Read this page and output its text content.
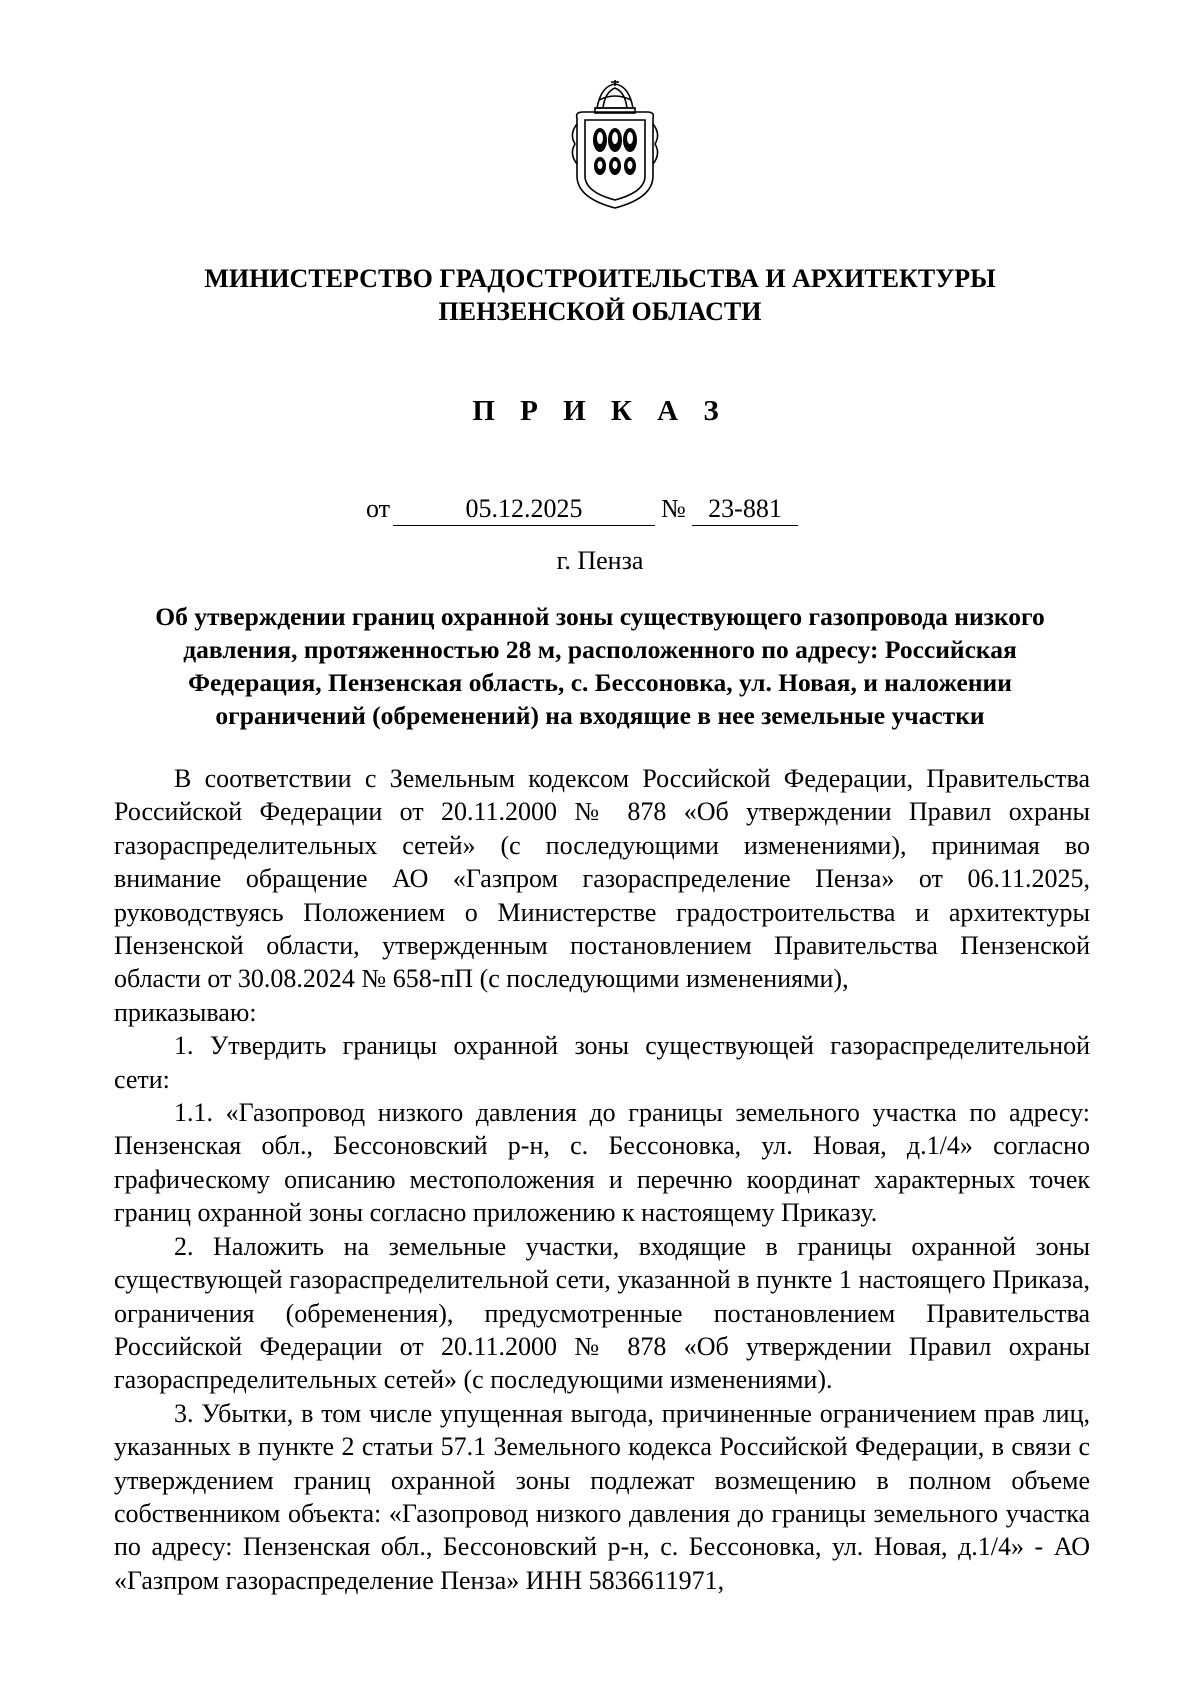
МИНИСТЕРСТВО ГРАДОСТРОИТЕЛЬСТВА И АРХИТЕКТУРЫ
ПЕНЗЕНСКОЙ ОБЛАСТИ
П Р И К А З
от	05.12.2025	№ 23-881
г. Пенза
Об утверждении границ охранной зоны существующего газопровода низкого
давления, протяженностью 28 м, расположенного по адресу: Российская
Федерация, Пензенская область, с. Бессоновка, ул. Новая, и наложении
ограничений (обременений) на входящие в нее земельные участки

В соответствии с Земельным кодексом Российской Федерации, Правительства Российской Федерации от 20.11.2000 № 878 «Об утверждении Правил охраны газораспределительных сетей» (с последующими изменениями), принимая во внимание обращение АО «Газпром газораспределение Пенза» от 06.11.2025, руководствуясь Положением о Министерстве градостроительства и архитектуры Пензенской области, утвержденным постановлением Правительства Пензенской области от 30.08.2024 № 658-пП (с последующими изменениями),

приказываю:

1. Утвердить границы охранной зоны существующей газораспределительной сети:

1.1. «Газопровод низкого давления до границы земельного участка по адресу: Пензенская обл., Бессоновский р-н, с. Бессоновка, ул. Новая, д.1/4» согласно графическому описанию местоположения и перечню координат характерных точек границ охранной зоны согласно приложению к настоящему Приказу.

2. Наложить на земельные участки, входящие в границы охранной зоны существующей газораспределительной сети, указанной в пункте 1 настоящего Приказа, ограничения (обременения), предусмотренные постановлением Правительства Российской Федерации от 20.11.2000 № 878 «Об утверждении Правил охраны газораспределительных сетей» (с последующими изменениями).

3. Убытки, в том числе упущенная выгода, причиненные ограничением прав лиц, указанных в пункте 2 статьи 57.1 Земельного кодекса Российской Федерации, в связи с утверждением границ охранной зоны подлежат возмещению в полном объеме собственником объекта: «Газопровод низкого давления до границы земельного участка по адресу: Пензенская обл., Бессоновский р-н, с. Бессоновка, ул. Новая, д.1/4» - АО «Газпром газораспределение Пенза» ИНН 5836611971,
